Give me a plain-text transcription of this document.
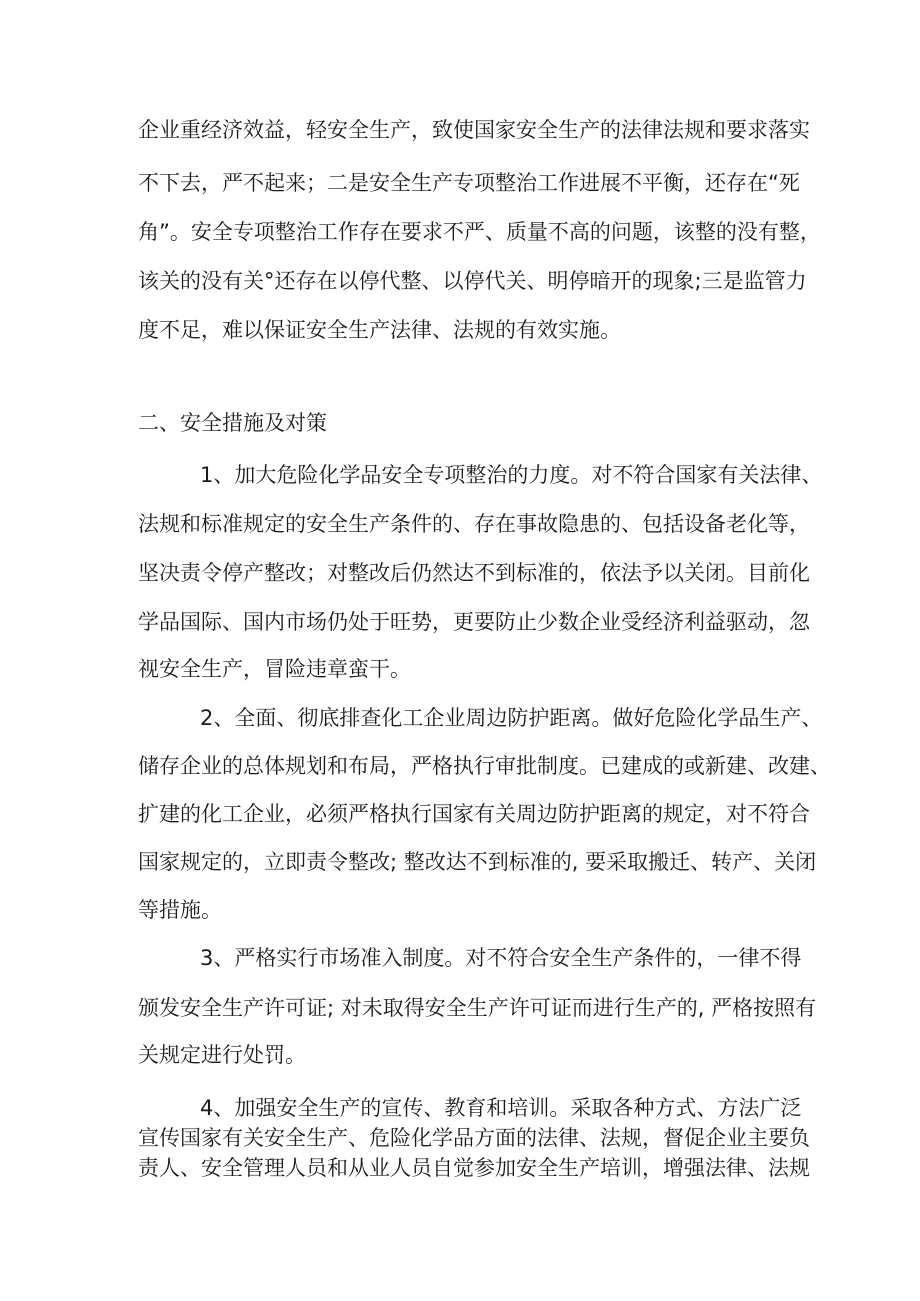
企业重经济效益，轻安全生产，致使国家安全生产的法律法规和要求落实

不下去，严不起来；二是安全生产专项整治工作进展不平衡，还存在“死

角”。安全专项整治工作存在要求不严、质量不高的问题，该整的没有整，

该关的没有关°还存在以停代整、以停代关、明停暗开的现象;三是监管力

度不足，难以保证安全生产法律、法规的有效实施。

二、安全措施及对策

1、加大危险化学品安全专项整治的力度。对不符合国家有关法律、

法规和标准规定的安全生产条件的、存在事故隐患的、包括设备老化等，

坚决责令停产整改；对整改后仍然达不到标准的，依法予以关闭。目前化

学品国际、国内市场仍处于旺势，更要防止少数企业受经济利益驱动，忽

视安全生产，冒险违章蛮干。

2、全面、彻底排查化工企业周边防护距离。做好危险化学品生产、

储存企业的总体规划和布局，严格执行审批制度。已建成的或新建、改建、

扩建的化工企业，必须严格执行国家有关周边防护距离的规定，对不符合

国家规定的，立即责令整改; 整改达不到标准的, 要采取搬迁、转产、关闭

等措施。

3、严格实行市场准入制度。对不符合安全生产条件的，一律不得

颁发安全生产许可证; 对未取得安全生产许可证而进行生产的, 严格按照有

关规定进行处罚。

4、加强安全生产的宣传、教育和培训。采取各种方式、方法广泛

宣传国家有关安全生产、危险化学品方面的法律、法规，督促企业主要负

责人、安全管理人员和从业人员自觉参加安全生产培训，增强法律、法规
